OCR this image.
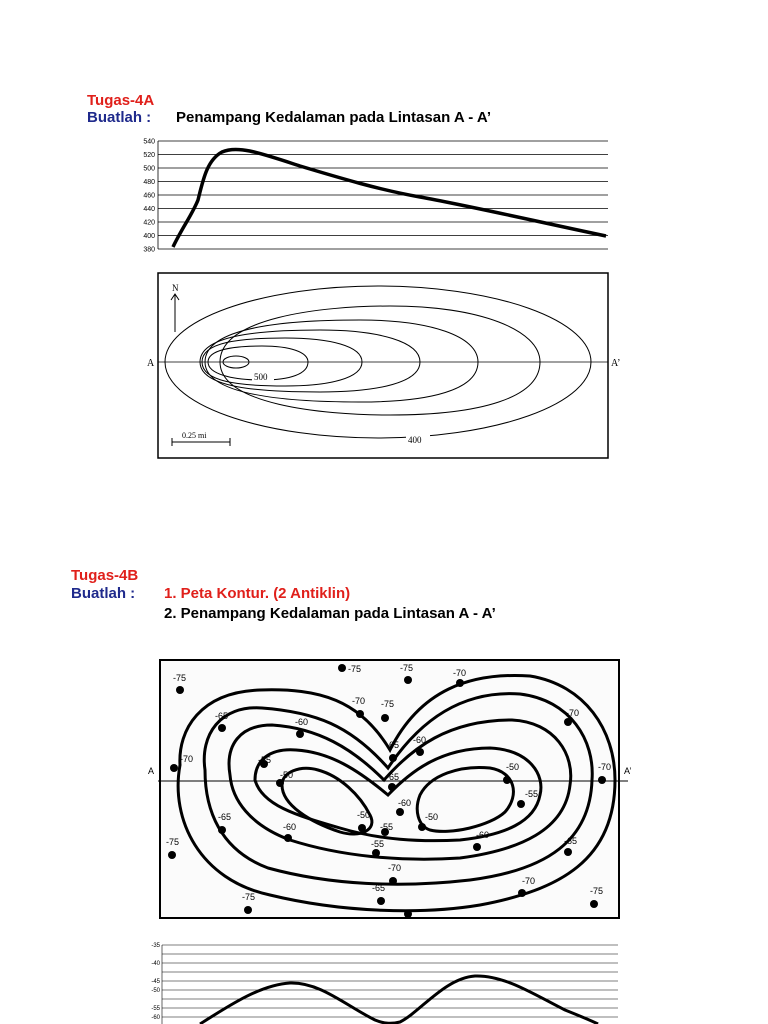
Tugas-4A
Buatlah : Penampang Kedalaman pada Lintasan A - A’
Tugas-4B
Buatlah : 1. Peta Kontur. (2 Antiklin)
2. Penampang Kedalaman pada Lintasan A - A’
540
520
500
480
460
440
420
400
380
500
400
A	A’
N
0.25 mi
A	A’
-75
-75	-75	-70
-70 -75
-65
-60
-70
-65
-70	-55
-50	-65
-60
-50
-50
-70
-55
-55
-60
-55
-50
-65
-60
-60
-65
-75
-70
-75
-65
-70
-75
-35
-40
-45
-50
-55
-60
